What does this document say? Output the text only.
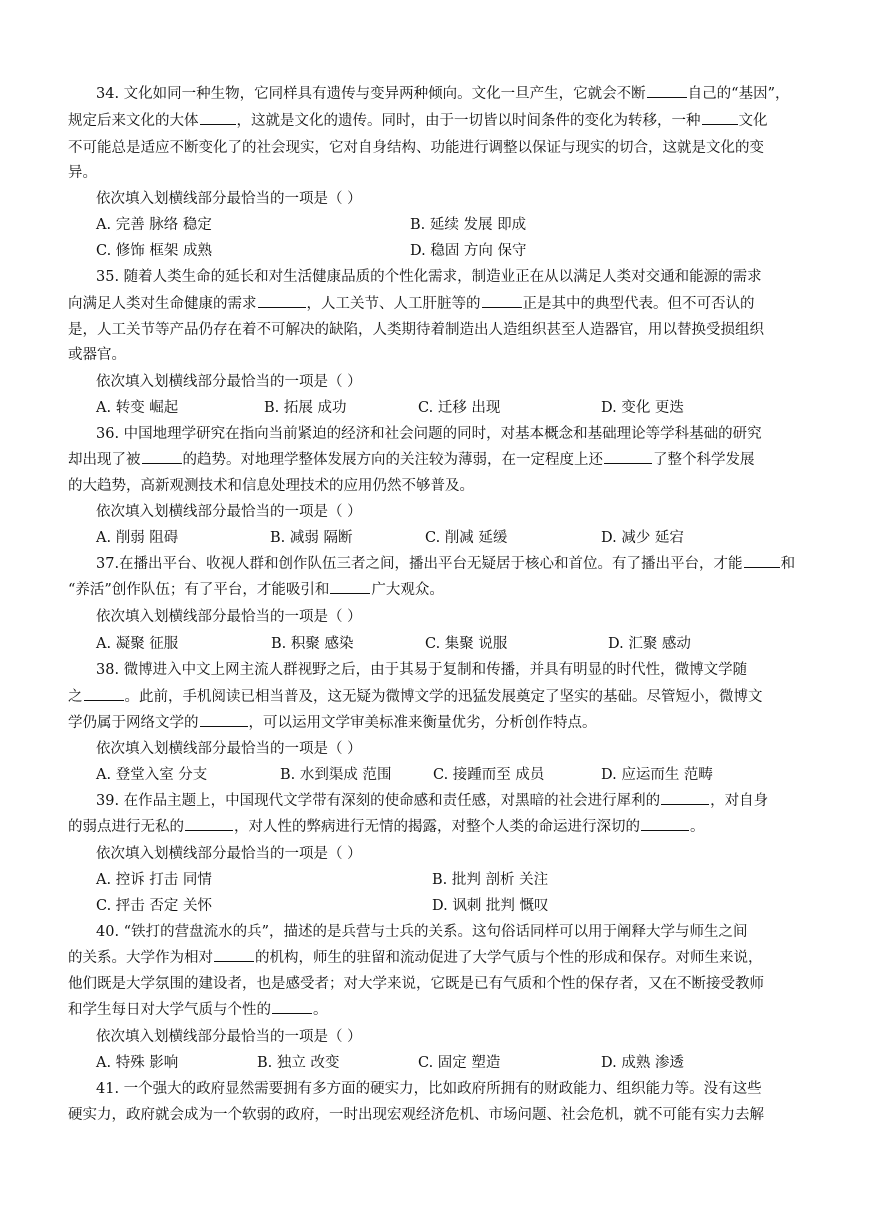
34. 文化如同一种生物，它同样具有遗传与变异两种倾向。文化一旦产生，它就会不断	自己的“基因”，
规定后来文化的大体	，这就是文化的遗传。同时，由于一切皆以时间条件的变化为转移，一种	文化
不可能总是适应不断变化了的社会现实，它对自身结构、功能进行调整以保证与现实的切合，这就是文化的变
异。
依次填入划横线部分最恰当的一项是（ ）
A. 完善 脉络 稳定	B. 延续 发展 即成
C. 修饰 框架 成熟	D. 稳固 方向 保守
35. 随着人类生命的延长和对生活健康品质的个性化需求，制造业正在从以满足人类对交通和能源的需求
向满足人类对生命健康的需求	，人工关节、人工肝脏等的	正是其中的典型代表。但不可否认的
是，人工关节等产品仍存在着不可解决的缺陷，人类期待着制造出人造组织甚至人造器官，用以替换受损组织
或器官。
依次填入划横线部分最恰当的一项是（ ）
A. 转变 崛起	B. 拓展 成功	C. 迁移 出现	D. 变化 更迭
36. 中国地理学研究在指向当前紧迫的经济和社会问题的同时，对基本概念和基础理论等学科基础的研究
却出现了被	的趋势。对地理学整体发展方向的关注较为薄弱，在一定程度上还	了整个科学发展
的大趋势，高新观测技术和信息处理技术的应用仍然不够普及。
依次填入划横线部分最恰当的一项是（ ）
A. 削弱 阻碍	B. 减弱 隔断	C. 削减 延缓	D. 减少 延宕
37.在播出平台、收视人群和创作队伍三者之间，播出平台无疑居于核心和首位。有了播出平台，才能	和
“养活”创作队伍；有了平台，才能吸引和	广大观众。
依次填入划横线部分最恰当的一项是（ ）
A. 凝聚 征服	B. 积聚 感染	C. 集聚 说服	D. 汇聚 感动
38. 微博进入中文上网主流人群视野之后，由于其易于复制和传播，并具有明显的时代性，微博文学随
之	。此前，手机阅读已相当普及，这无疑为微博文学的迅猛发展奠定了坚实的基础。尽管短小，微博文
学仍属于网络文学的	，可以运用文学审美标准来衡量优劣，分析创作特点。
依次填入划横线部分最恰当的一项是（ ）
A. 登堂入室 分支	B. 水到渠成 范围	C. 接踵而至 成员	D. 应运而生 范畴
39. 在作品主题上，中国现代文学带有深刻的使命感和责任感，对黑暗的社会进行犀利的	，对自身
的弱点进行无私的	，对人性的弊病进行无情的揭露，对整个人类的命运进行深切的	。
依次填入划横线部分最恰当的一项是（ ）
A. 控诉 打击 同情	B. 批判 剖析 关注
C. 抨击 否定 关怀	D. 讽刺 批判 慨叹
40. “铁打的营盘流水的兵”，描述的是兵营与士兵的关系。这句俗话同样可以用于阐释大学与师生之间
的关系。大学作为相对	的机构，师生的驻留和流动促进了大学气质与个性的形成和保存。对师生来说，
他们既是大学氛围的建设者，也是感受者；对大学来说，它既是已有气质和个性的保存者，又在不断接受教师
和学生每日对大学气质与个性的	。
依次填入划横线部分最恰当的一项是（ ）
A. 特殊 影响	B. 独立 改变	C. 固定 塑造	D. 成熟 渗透
41. 一个强大的政府显然需要拥有多方面的硬实力，比如政府所拥有的财政能力、组织能力等。没有这些
硬实力，政府就会成为一个软弱的政府，一时出现宏观经济危机、市场问题、社会危机，就不可能有实力去解
